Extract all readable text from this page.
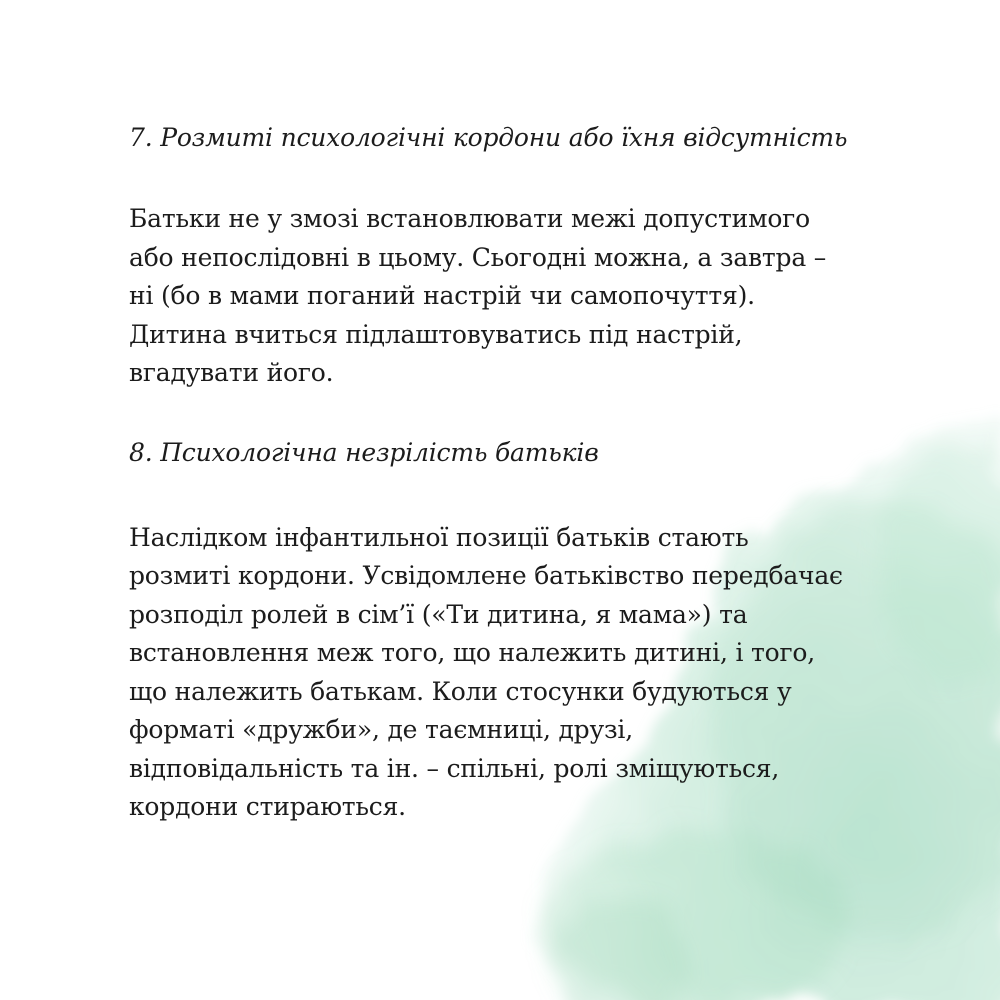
7. Розмиті психологічні кордони або їхня відсутність

Батьки не у змозі встановлювати межі допустимого
або непослідовні в цьому. Сьогодні можна, а завтра –
ні (бо в мами поганий настрій чи самопочуття).
Дитина вчиться підлаштовуватись під настрій,
вгадувати його.

8. Психологічна незрілість батьків

Наслідком інфантильної позиції батьків стають
розмиті кордони. Усвідомлене батьківство передбачає
розподіл ролей в сім’ї («Ти дитина, я мама») та
встановлення меж того, що належить дитині, і того,
що належить батькам. Коли стосунки будуються у
форматі «дружби», де таємниці, друзі,
відповідальність та ін. – спільні, ролі зміщуються,
кордони стираються.
